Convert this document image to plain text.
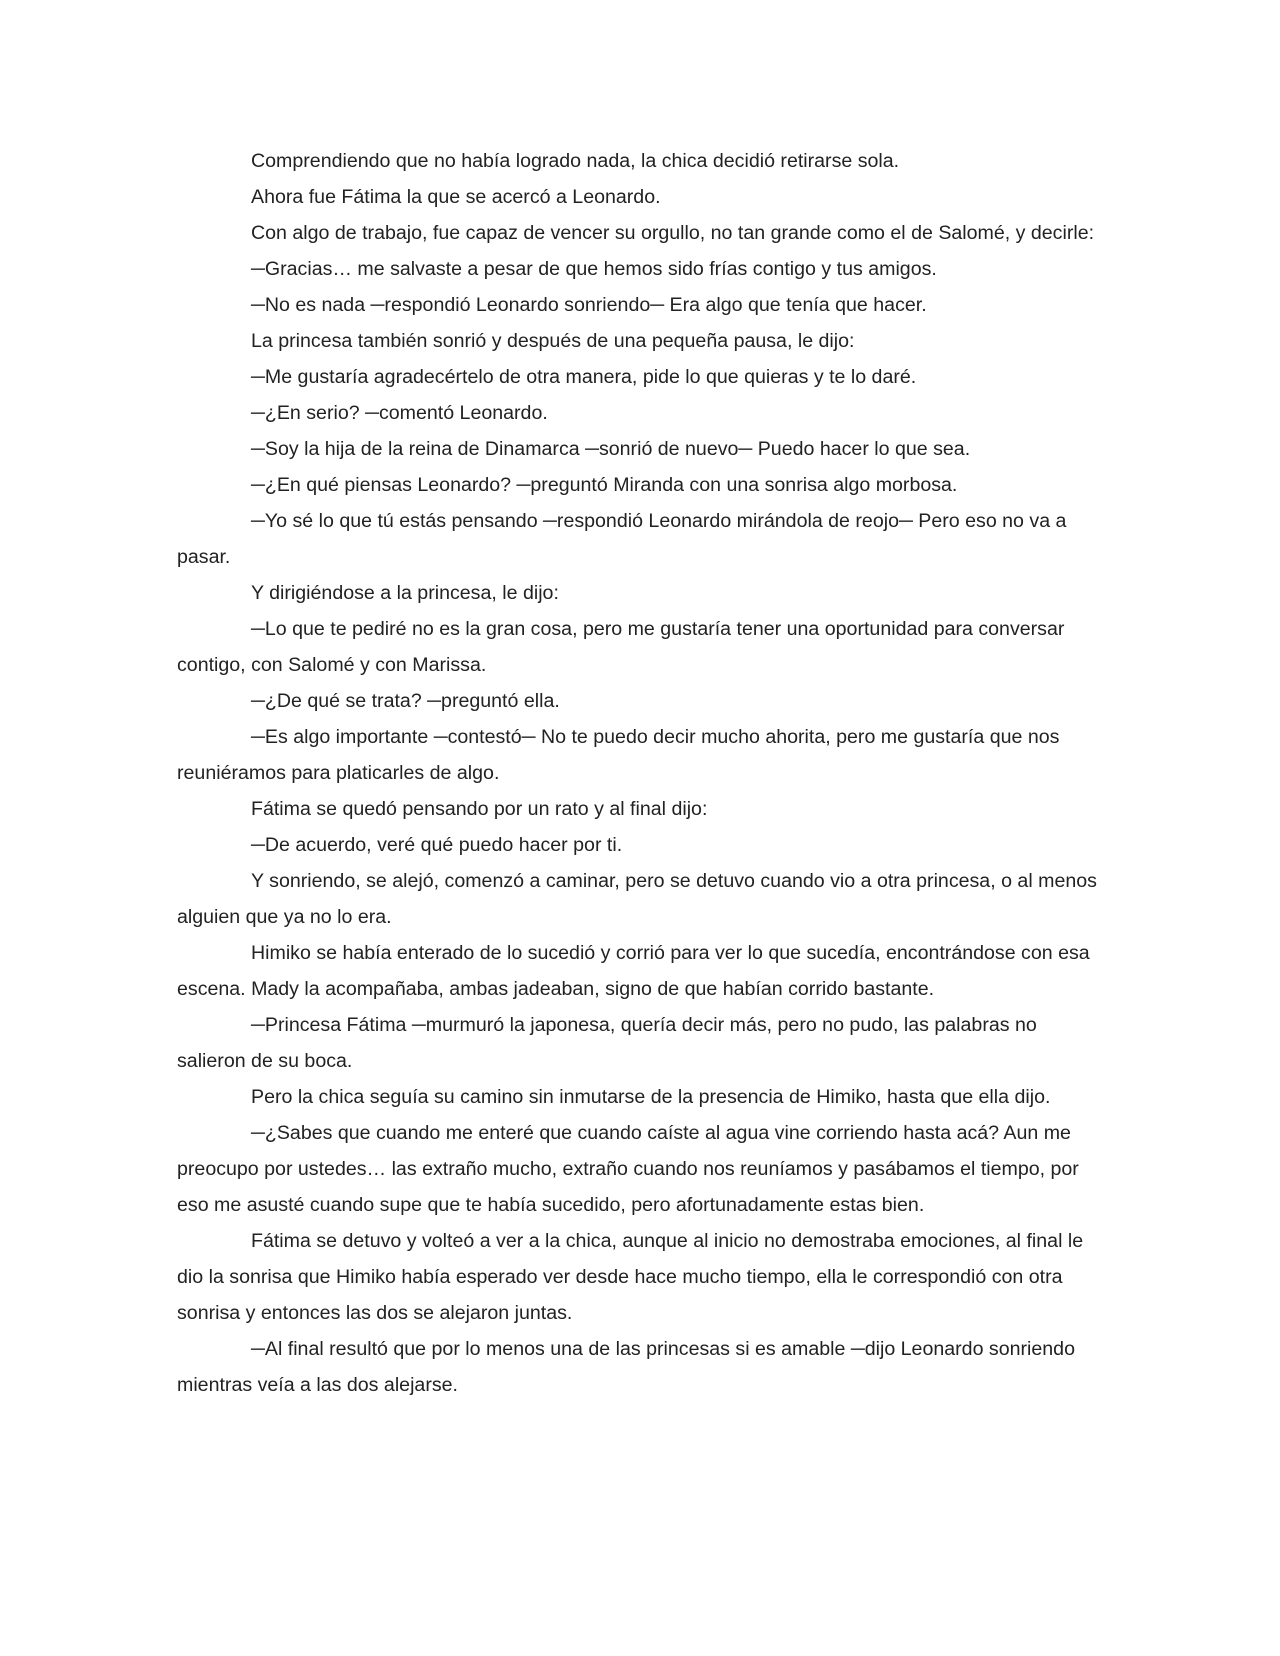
Comprendiendo que no había logrado nada, la chica decidió retirarse sola.

Ahora fue Fátima la que se acercó a Leonardo.

Con algo de trabajo, fue capaz de vencer su orgullo, no tan grande como el de Salomé, y decirle:

─Gracias… me salvaste a pesar de que hemos sido frías contigo y tus amigos.

─No es nada ─respondió Leonardo sonriendo─ Era algo que tenía que hacer.

La princesa también sonrió y después de una pequeña pausa, le dijo:

─Me gustaría agradecértelo de otra manera, pide lo que quieras y te lo daré.

─¿En serio? ─comentó Leonardo.

─Soy la hija de la reina de Dinamarca ─sonrió de nuevo─ Puedo hacer lo que sea.

─¿En qué piensas Leonardo? ─preguntó Miranda con una sonrisa algo morbosa.

─Yo sé lo que tú estás pensando ─respondió Leonardo mirándola de reojo─ Pero eso no va a pasar.

Y dirigiéndose a la princesa, le dijo:

─Lo que te pediré no es la gran cosa, pero me gustaría tener una oportunidad para conversar contigo, con Salomé y con Marissa.

─¿De qué se trata? ─preguntó ella.

─Es algo importante ─contestó─ No te puedo decir mucho ahorita, pero me gustaría que nos reuniéramos para platicarles de algo.

Fátima se quedó pensando por un rato y al final dijo:

─De acuerdo, veré qué puedo hacer por ti.

Y sonriendo, se alejó, comenzó a caminar, pero se detuvo cuando vio a otra princesa, o al menos alguien que ya no lo era.

Himiko se había enterado de lo sucedió y corrió para ver lo que sucedía, encontrándose con esa escena. Mady la acompañaba, ambas jadeaban, signo de que habían corrido bastante.

─Princesa Fátima ─murmuró la japonesa, quería decir más, pero no pudo, las palabras no salieron de su boca.

Pero la chica seguía su camino sin inmutarse de la presencia de Himiko, hasta que ella dijo.

─¿Sabes que cuando me enteré que cuando caíste al agua vine corriendo hasta acá? Aun me preocupo por ustedes… las extraño mucho, extraño cuando nos reuníamos y pasábamos el tiempo, por eso me asusté cuando supe que te había sucedido, pero afortunadamente estas bien.

Fátima se detuvo y volteó a ver a la chica, aunque al inicio no demostraba emociones, al final le dio la sonrisa que Himiko había esperado ver desde hace mucho tiempo, ella le correspondió con otra sonrisa y entonces las dos se alejaron juntas.

─Al final resultó que por lo menos una de las princesas si es amable ─dijo Leonardo sonriendo mientras veía a las dos alejarse.
